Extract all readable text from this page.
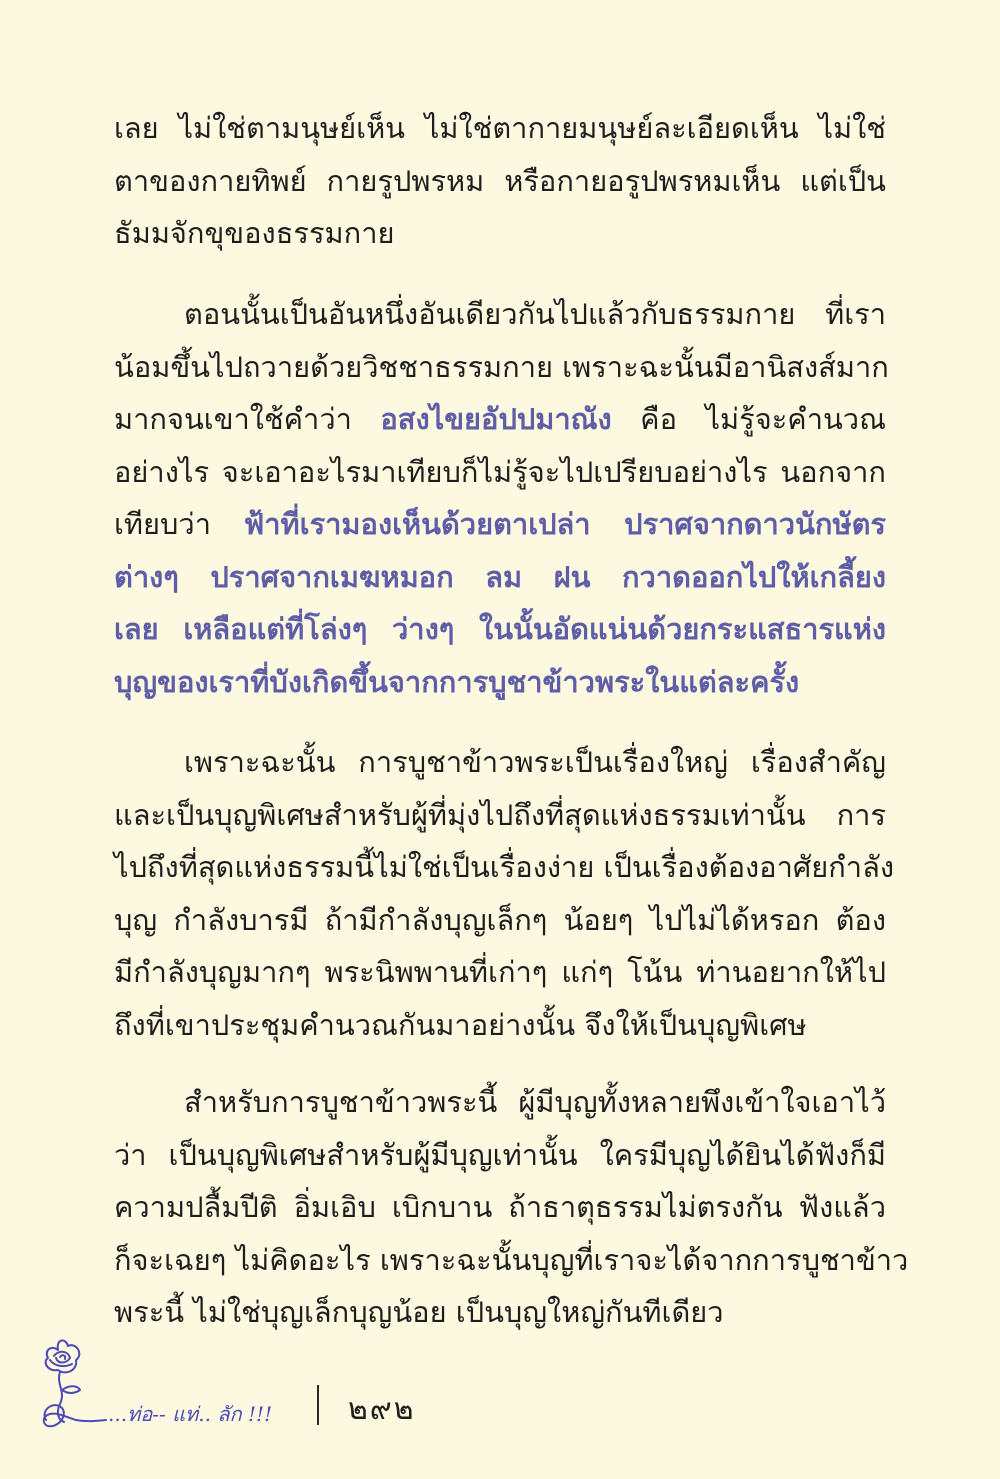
เลย ไม่ใช่ตามนุษย์เห็น ไม่ใช่ตากายมนุษย์ละเอียดเห็น ไม่ใช่
ตาของกายทิพย์ กายรูปพรหม หรือกายอรูปพรหมเห็น แต่เป็น
ธัมมจักขุของธรรมกาย
ตอนนั้นเป็นอันหนึ่งอันเดียวกันไปแล้วกับธรรมกาย ที่เรา
น้อมขึ้นไปถวายด้วยวิชชาธรรมกาย เพราะฉะนั้นมีอานิสงส์มาก
มากจนเขาใช้คำว่า อสงไขยอัปปมาณัง คือ ไม่รู้จะคำนวณ
อย่างไร จะเอาอะไรมาเทียบก็ไม่รู้จะไปเปรียบอย่างไร นอกจาก
เทียบว่า ฟ้าที่เรามองเห็นด้วยตาเปล่า ปราศจากดาวนักษัตร
ต่างๆ ปราศจากเมฆหมอก ลม ฝน กวาดออกไปให้เกลี้ยง
เลย เหลือแต่ที่โล่งๆ ว่างๆ ในนั้นอัดแน่นด้วยกระแสธารแห่ง
บุญของเราที่บังเกิดขึ้นจากการบูชาข้าวพระในแต่ละครั้ง
เพราะฉะนั้น การบูชาข้าวพระเป็นเรื่องใหญ่ เรื่องสำคัญ
และเป็นบุญพิเศษสำหรับผู้ที่มุ่งไปถึงที่สุดแห่งธรรมเท่านั้น การ
ไปถึงที่สุดแห่งธรรมนี้ไม่ใช่เป็นเรื่องง่าย เป็นเรื่องต้องอาศัยกำลัง
บุญ กำลังบารมี ถ้ามีกำลังบุญเล็กๆ น้อยๆ ไปไม่ได้หรอก ต้อง
มีกำลังบุญมากๆ พระนิพพานที่เก่าๆ แก่ๆ โน้น ท่านอยากให้ไป
ถึงที่เขาประชุมคำนวณกันมาอย่างนั้น จึงให้เป็นบุญพิเศษ
สำหรับการบูชาข้าวพระนี้ ผู้มีบุญทั้งหลายพึงเข้าใจเอาไว้
ว่า เป็นบุญพิเศษสำหรับผู้มีบุญเท่านั้น ใครมีบุญได้ยินได้ฟังก็มี
ความปลื้มปีติ อิ่มเอิบ เบิกบาน ถ้าธาตุธรรมไม่ตรงกัน ฟังแล้ว
ก็จะเฉยๆ ไม่คิดอะไร เพราะฉะนั้นบุญที่เราจะได้จากการบูชาข้าว
พระนี้ ไม่ใช่บุญเล็กบุญน้อย เป็นบุญใหญ่กันทีเดียว
...ท่อ-- แท่.. ลัก !!!	๒๙๒
